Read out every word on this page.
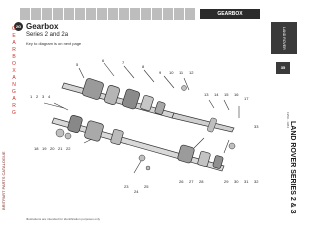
GEARBOX
2G Gearbox
Series 2 and 2a
Key to diagram is on next page
G
E
A
R
B
O
X
A
N
G
A
R
G
BRITPART PARTS CATALOGUE
LAND ROVER PARTS
35
LAND ROVER SERIES 2 & 3
1959 - 1984
1 2 3 4
5
6	7
8
9 10 11 12
13 14 15 16
17
18 19 20 21 22
23
24
25
26 27 28	29 30 31 32
33
Illustrations are intended for identification purposes only
